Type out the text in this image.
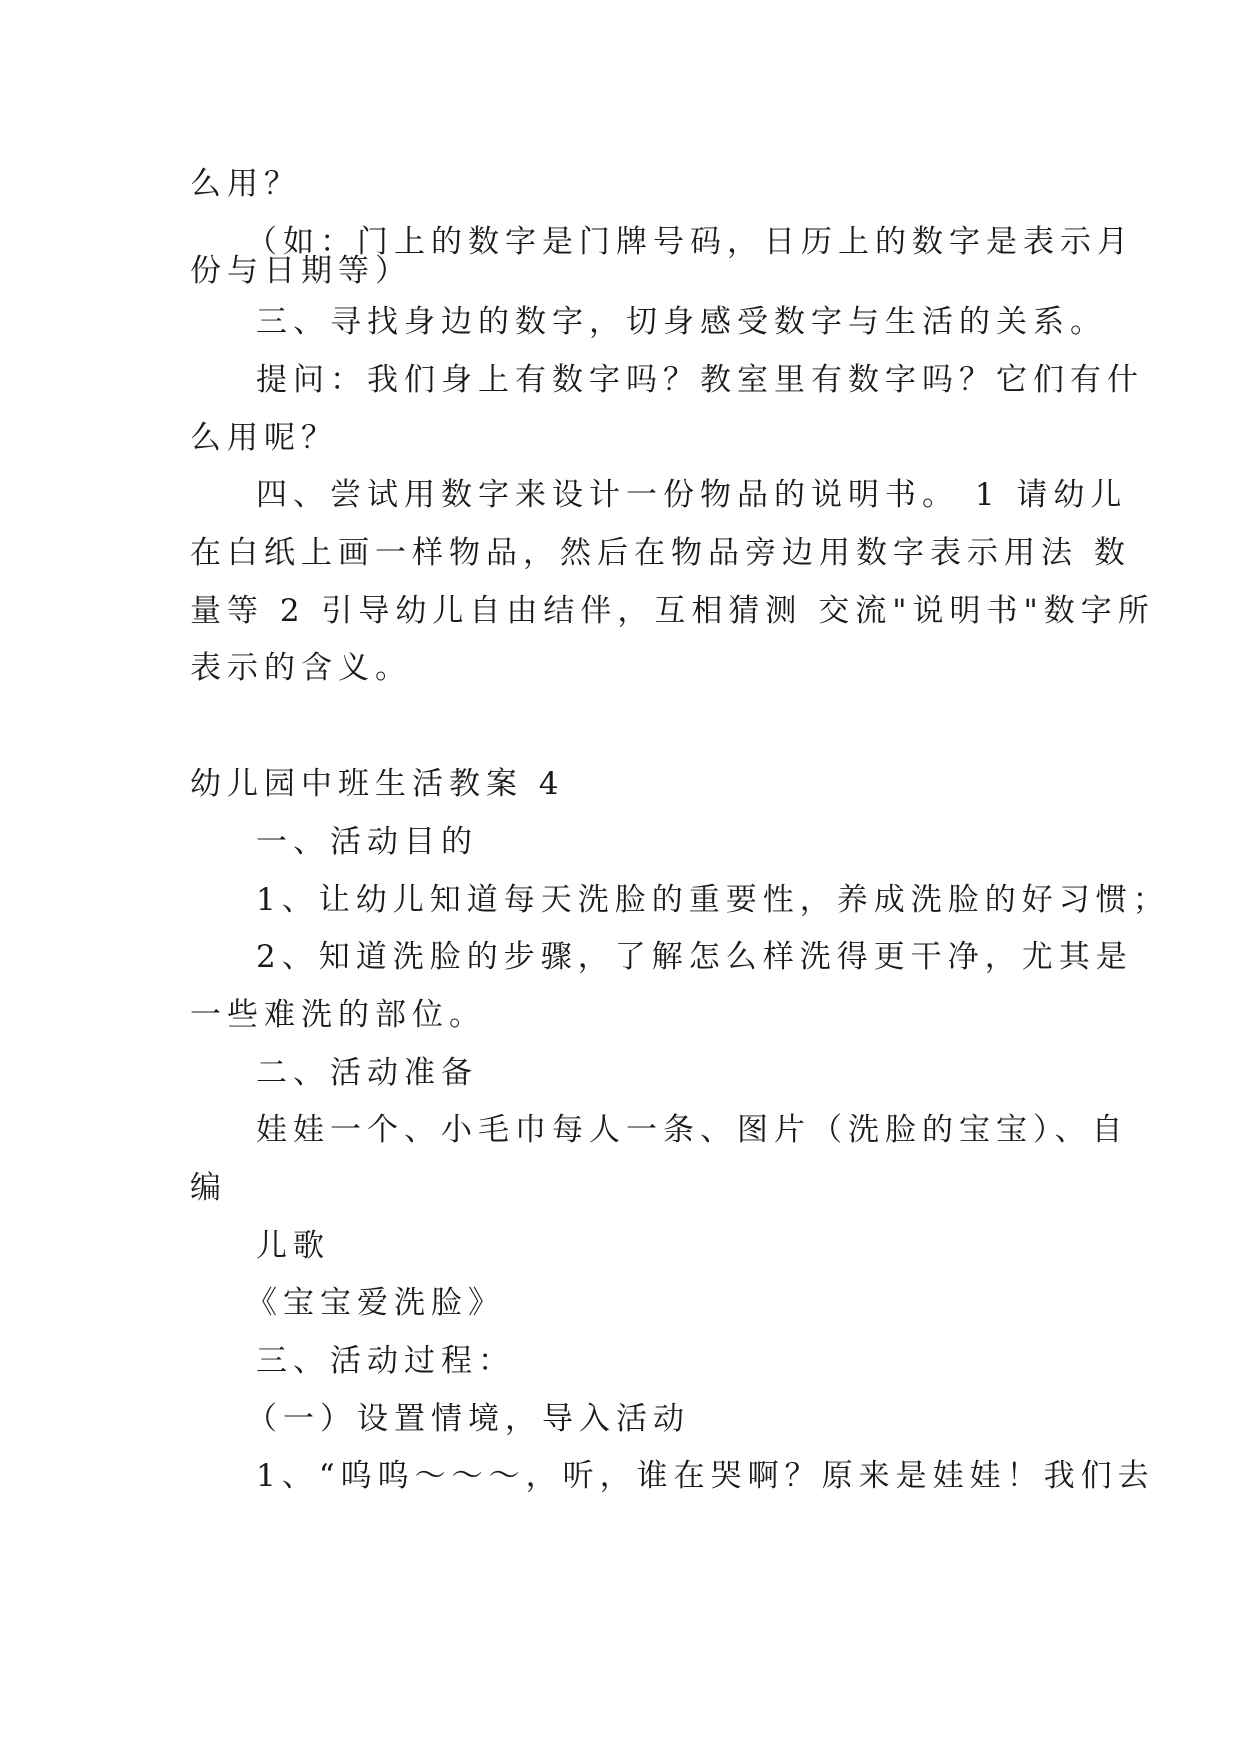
么用？
（如：门上的数字是门牌号码，日历上的数字是表示月
份与日期等）
三、寻找身边的数字，切身感受数字与生活的关系。
提问：我们身上有数字吗？教室里有数字吗？它们有什
么用呢？
四、尝试用数字来设计一份物品的说明书。 1 请幼儿
在白纸上画一样物品，然后在物品旁边用数字表示用法 数
量等 2 引导幼儿自由结伴，互相猜测 交流"说明书"数字所
表示的含义。
幼儿园中班生活教案 4
一、活动目的
1、让幼儿知道每天洗脸的重要性，养成洗脸的好习惯；
2、知道洗脸的步骤，了解怎么样洗得更干净，尤其是
一些难洗的部位。
二、活动准备
娃娃一个、小毛巾每人一条、图片（洗脸的宝宝）、自
编
儿歌
《宝宝爱洗脸》
三、活动过程：
（一）设置情境，导入活动
1、“呜呜～～～，听，谁在哭啊？原来是娃娃！我们去
